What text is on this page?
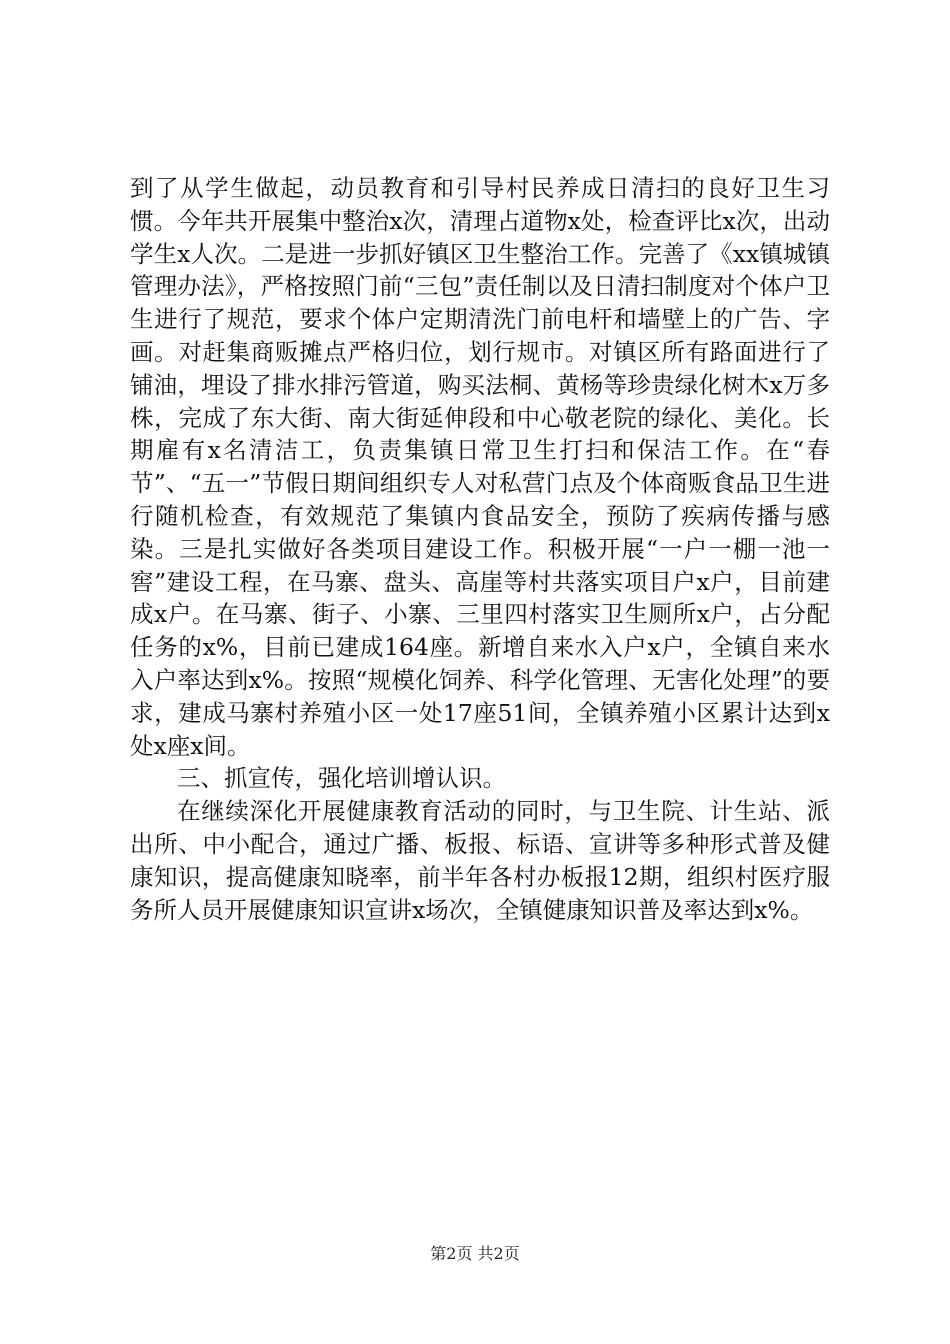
到了从学生做起，动员教育和引导村民养成日清扫的良好卫生习惯。今年共开展集中整治x次，清理占道物x处，检查评比x次，出动学生x人次。二是进一步抓好镇区卫生整治工作。完善了《xx镇城镇管理办法》，严格按照门前“三包”责任制以及日清扫制度对个体户卫生进行了规范，要求个体户定期清洗门前电杆和墙壁上的广告、字画。对赶集商贩摊点严格归位，划行规市。对镇区所有路面进行了铺油，埋设了排水排污管道，购买法桐、黄杨等珍贵绿化树木x万多株，完成了东大街、南大街延伸段和中心敬老院的绿化、美化。长期雇有x名清洁工，负责集镇日常卫生打扫和保洁工作。在“春节”、“五一”节假日期间组织专人对私营门点及个体商贩食品卫生进行随机检查，有效规范了集镇内食品安全，预防了疾病传播与感染。三是扎实做好各类项目建设工作。积极开展“一户一棚一池一窖”建设工程，在马寨、盘头、高崖等村共落实项目户x户，目前建成x户。在马寨、街子、小寨、三里四村落实卫生厕所x户，占分配任务的x%，目前已建成164座。新增自来水入户x户，全镇自来水入户率达到x%。按照“规模化饲养、科学化管理、无害化处理”的要求，建成马寨村养殖小区一处17座51间，全镇养殖小区累计达到x处x座x间。

三、抓宣传，强化培训增认识。

在继续深化开展健康教育活动的同时，与卫生院、计生站、派出所、中小配合，通过广播、板报、标语、宣讲等多种形式普及健康知识，提高健康知晓率，前半年各村办板报12期，组织村医疗服务所人员开展健康知识宣讲x场次，全镇健康知识普及率达到x%。

第2页 共2页
